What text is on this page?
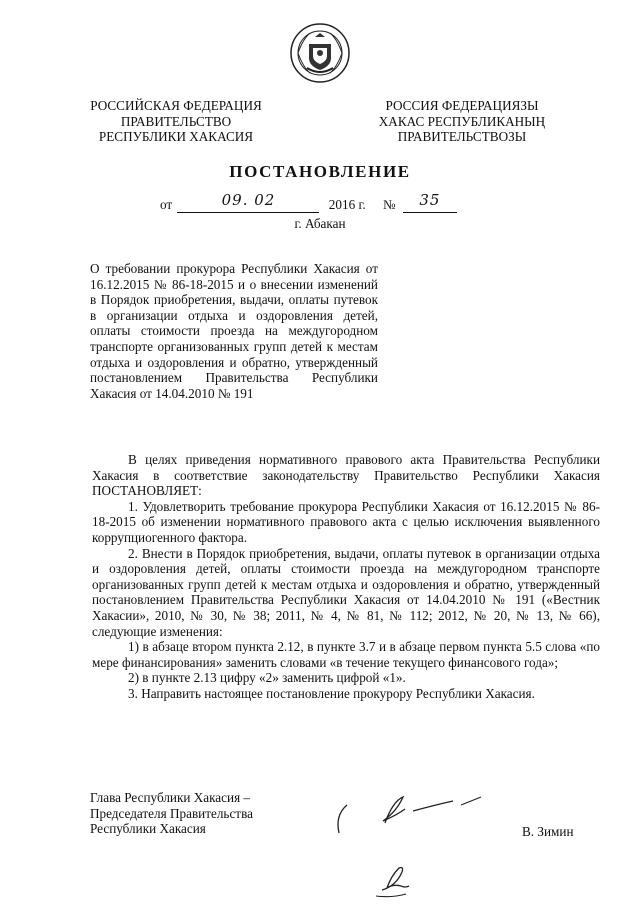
РОССИЙСКАЯ ФЕДЕРАЦИЯ
ПРАВИТЕЛЬСТВО
РЕСПУБЛИКИ ХАКАСИЯ
РОССИЯ ФЕДЕРАЦИЯЗЫ
ХАКАС РЕСПУБЛИКАНЫҢ
ПРАВИТЕЛЬСТВОЗЫ
ПОСТАНОВЛЕНИЕ
от	09. 02	2016 г. №	35
г. Абакан
О требовании прокурора Республики Хакасия от 16.12.2015 № 86-18-2015 и о внесении изменений в Порядок приобретения, выдачи, оплаты путевок в организации отдыха и оздоровления детей, оплаты стоимости проезда на междугородном транспорте организованных групп детей к местам отдыха и оздоровления и обратно, утвержденный постановлением Правительства Республики Хакасия от 14.04.2010 № 191

В целях приведения нормативного правового акта Правительства Республики Хакасия в соответствие законодательству Правительство Республики Хакасия ПОСТАНОВЛЯЕТ:

1. Удовлетворить требование прокурора Республики Хакасия от 16.12.2015 № 86-18-2015 об изменении нормативного правового акта с целью исключения выявленного коррупциогенного фактора.

2. Внести в Порядок приобретения, выдачи, оплаты путевок в организации отдыха и оздоровления детей, оплаты стоимости проезда на междугородном транспорте организованных групп детей к местам отдыха и оздоровления и обратно, утвержденный постановлением Правительства Республики Хакасия от 14.04.2010 № 191 («Вестник Хакасии», 2010, № 30, № 38; 2011, № 4, № 81, № 112; 2012, № 20, № 13, № 66), следующие изменения:

1) в абзаце втором пункта 2.12, в пункте 3.7 и в абзаце первом пункта 5.5 слова «по мере финансирования» заменить словами «в течение текущего финансового года»;

2) в пункте 2.13 цифру «2» заменить цифрой «1».

3. Направить настоящее постановление прокурору Республики Хакасия.

Глава Республики Хакасия –
Председателя Правительства
Республики Хакасия	В. Зимин
